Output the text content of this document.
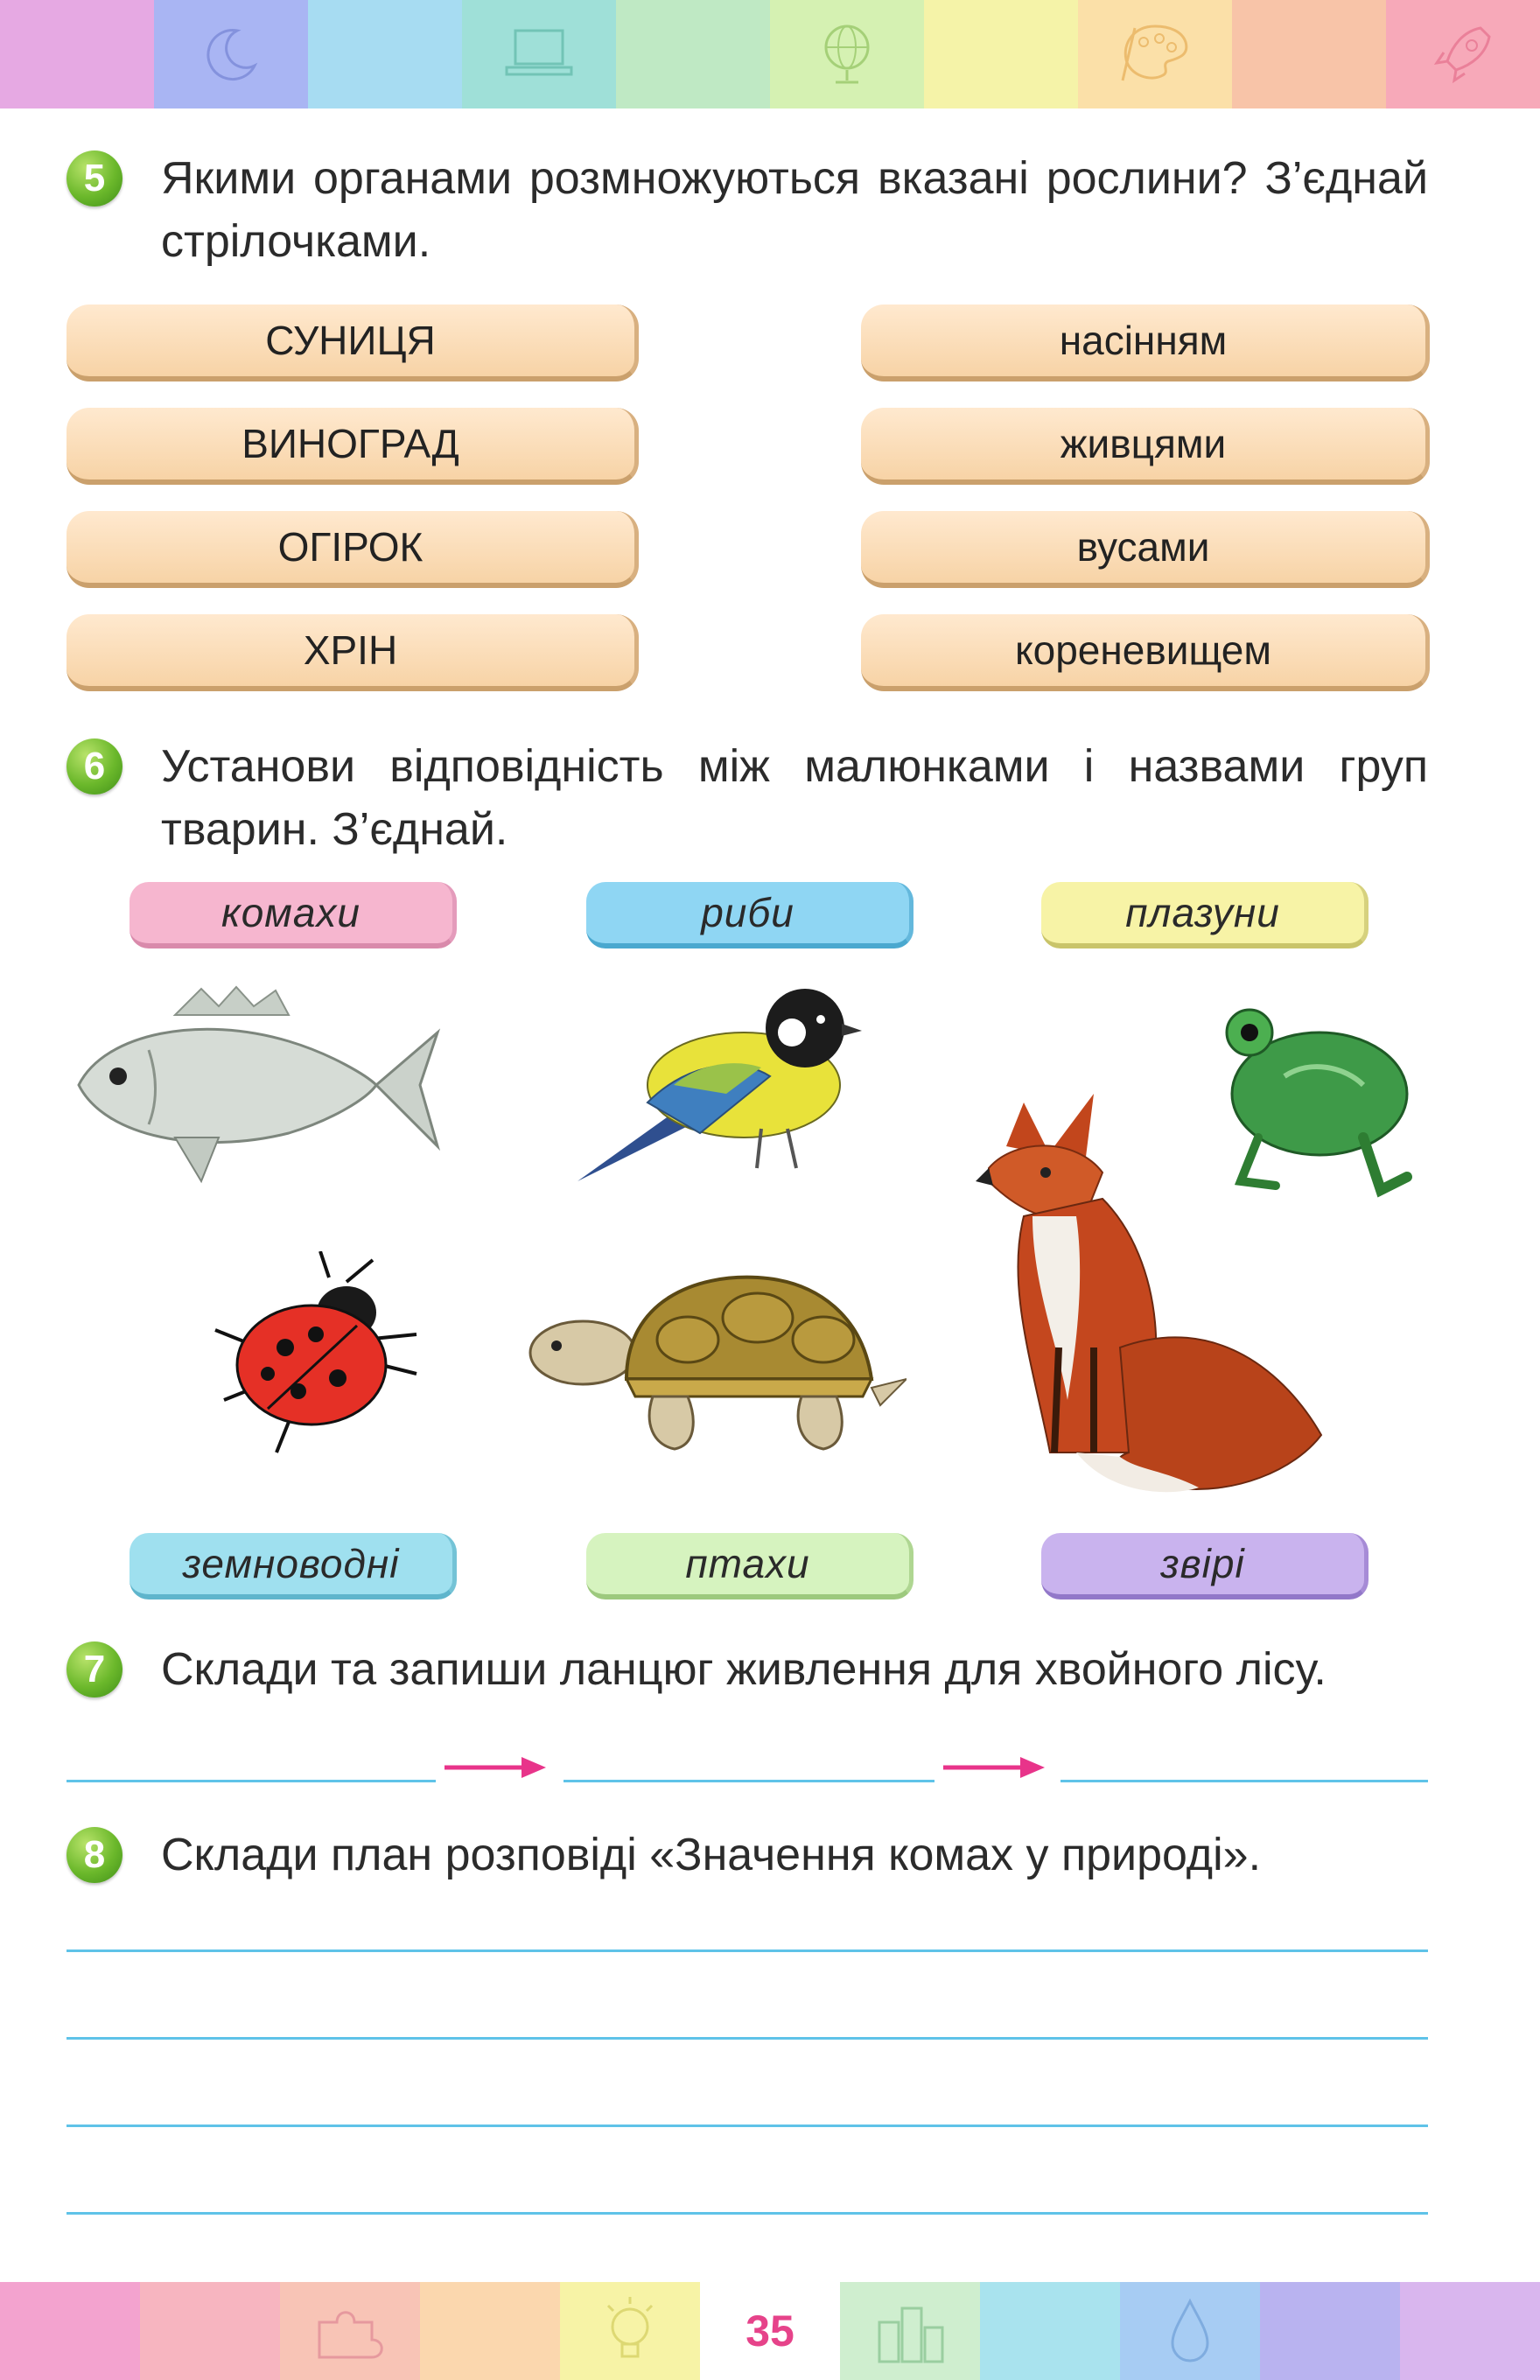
5	Якими органами розмножуються вказані рослини? З’єднай стрілочками.
СУНИЦЯ
ВИНОГРАД
ОГІРОК
ХРІН
насінням
живцями
вусами
кореневищем
6	Установи відповідність між малюнками і назвами груп тварин. З’єднай.
комахи	риби	плазуни
земноводні	птахи	звірі
7	Склади та запиши ланцюг живлення для хвойного лісу.
8	Склади план розповіді «Значення комах у природі».
35
